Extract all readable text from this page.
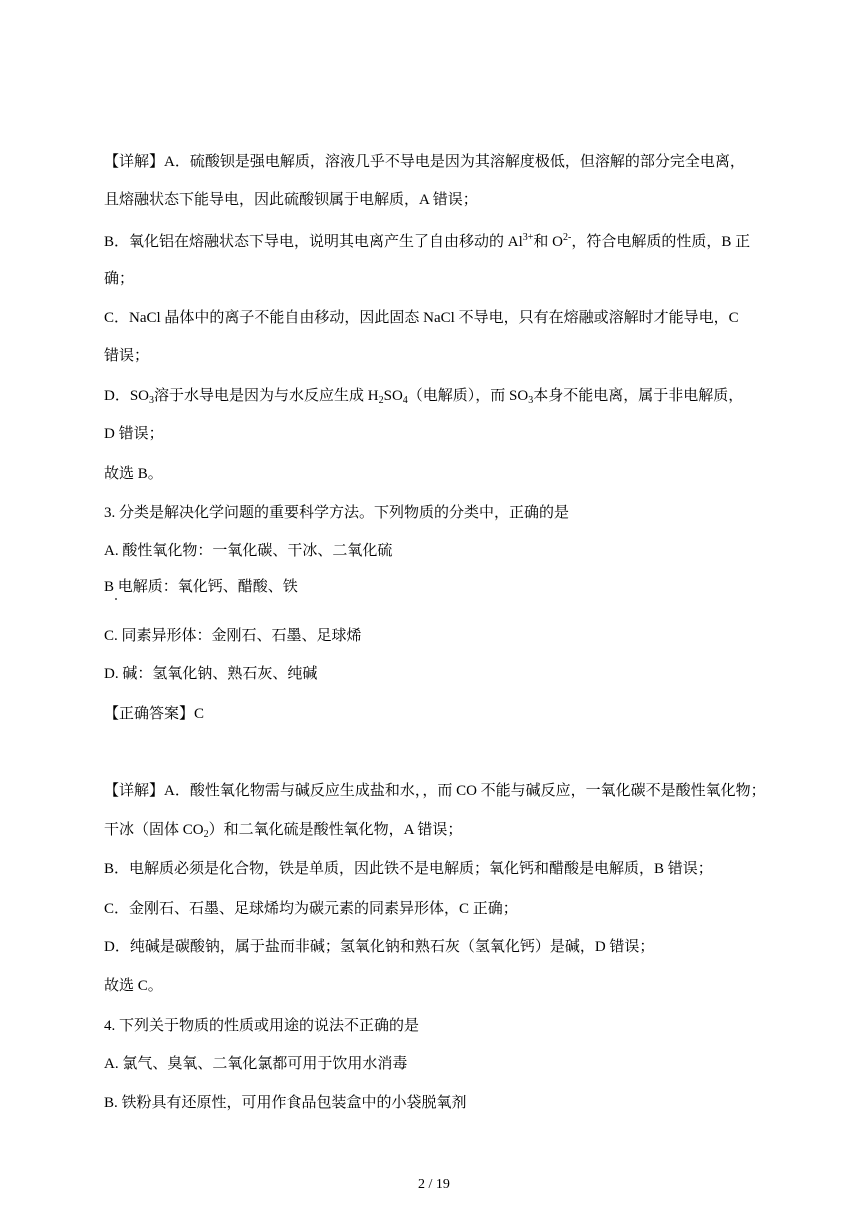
【详解】A．硫酸钡是强电解质，溶液几乎不导电是因为其溶解度极低，但溶解的部分完全电离，
且熔融状态下能导电，因此硫酸钡属于电解质，A 错误；
B．氧化铝在熔融状态下导电，说明其电离产生了自由移动的 $Al^{3+}$和 $O^{2-}$，符合电解质的性质，B 正
确；
C．NaCl 晶体中的离子不能自由移动，因此固态 NaCl 不导电，只有在熔融或溶解时才能导电，C
错误；
D．$SO_3$溶于水导电是因为与水反应生成 $H_2SO_4$（电解质），而 $SO_3$本身不能电离，属于非电解质，
D 错误；
故选 B。
3. 分类是解决化学问题的重要科学方法。下列物质的分类中，正确的是
A. 酸性氧化物：一氧化碳、干冰、二氧化硫
B 电解质：氧化钙、醋酸、铁
C. 同素异形体：金刚石、石墨、足球烯
D. 碱：氢氧化钠、熟石灰、纯碱
【正确答案】C
【详解】A．酸性氧化物需与碱反应生成盐和水，，而 CO 不能与碱反应，一氧化碳不是酸性氧化物；
干冰（固体 $CO_2$）和二氧化硫是酸性氧化物，A 错误；
B．电解质必须是化合物，铁是单质，因此铁不是电解质；氧化钙和醋酸是电解质，B 错误；
C．金刚石、石墨、足球烯均为碳元素的同素异形体，C 正确；
D．纯碱是碳酸钠，属于盐而非碱；氢氧化钠和熟石灰（氢氧化钙）是碱，D 错误；
故选 C。
4. 下列关于物质的性质或用途的说法不正确的是
A. 氯气、臭氧、二氧化氯都可用于饮用水消毒
B. 铁粉具有还原性，可用作食品包装盒中的小袋脱氧剂
2 / 19
